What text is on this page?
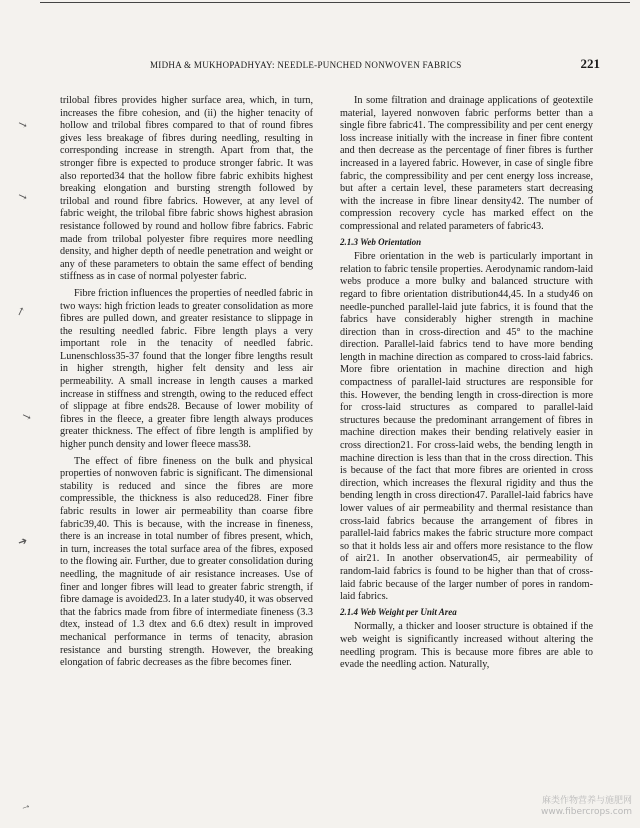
MIDHA & MUKHOPADHYAY: NEEDLE-PUNCHED NONWOVEN FABRICS	221
↘
↘
↗
↘
➔
→

trilobal fibres provides higher surface area, which, in turn, increases the fibre cohesion, and (ii) the higher tenacity of hollow and trilobal fibres compared to that of round fibres gives less breakage of fibres during needling, resulting in corresponding increase in strength. Apart from that, the stronger fibre is expected to produce stronger fabric. It was also reported34 that the hollow fibre fabric exhibits highest breaking elongation and bursting strength followed by trilobal and round fibre fabrics. However, at any level of fabric weight, the trilobal fibre fabric shows highest abrasion resistance followed by round and hollow fibre fabrics. Fabric made from trilobal polyester fibre requires more needling density, and higher depth of needle penetration and weight or any of these parameters to obtain the same effect of bending stiffness as in case of normal polyester fabric.

Fibre friction influences the properties of needled fabric in two ways: high friction leads to greater consolidation as more fibres are pulled down, and greater resistance to slippage in the resulting needled fabric. Fibre length plays a very important role in the tenacity of needled fabric. Lunenschloss35-37 found that the longer fibre lengths result in higher strength, higher felt density and less air permeability. A small increase in length causes a marked increase in stiffness and strength, owing to the reduced effect of slippage at fibre ends28. Because of lower mobility of fibres in the fleece, a greater fibre length always produces greater thickness. The effect of fibre length is amplified by higher punch density and lower fleece mass38.

The effect of fibre fineness on the bulk and physical properties of nonwoven fabric is significant. The dimensional stability is reduced and since the fibres are more compressible, the thickness is also reduced28. Finer fibre fabric results in lower air permeability than coarse fibre fabric39,40. This is because, with the increase in fineness, there is an increase in total number of fibres present, which, in turn, increases the total surface area of the fibres, exposed to the flowing air. Further, due to greater consolidation during needling, the magnitude of air resistance increases. Use of finer and longer fibres will lead to greater fabric strength, if fibre damage is avoided23. In a later study40, it was observed that the fabrics made from fibre of intermediate fineness (3.3 dtex, instead of 1.3 dtex and 6.6 dtex) result in improved mechanical performance in terms of tenacity, abrasion resistance and bursting strength. However, the breaking elongation of fabric decreases as the fibre becomes finer.

In some filtration and drainage applications of geotextile material, layered nonwoven fabric performs better than a single fibre fabric41. The compressibility and per cent energy loss increase initially with the increase in finer fibre content and then decrease as the percentage of finer fibres is further increased in a layered fabric. However, in case of single fibre fabric, the compressibility and per cent energy loss increase, but after a certain level, these parameters start decreasing with the increase in fibre linear density42. The number of compression recovery cycle has marked effect on the compressional and related parameters of fabric43.

2.1.3 Web Orientation

Fibre orientation in the web is particularly important in relation to fabric tensile properties. Aerodynamic random-laid webs produce a more bulky and balanced structure with regard to fibre orientation distribution44,45. In a study46 on needle-punched parallel-laid jute fabrics, it is found that the fabrics have considerably higher strength in machine direction than in cross-direction and 45° to the machine direction. Parallel-laid fabrics tend to have more bending length in machine direction as compared to cross-laid fabrics. More fibre orientation in machine direction and high compactness of parallel-laid structures are responsible for this. However, the bending length in cross-direction is more for cross-laid structures as compared to parallel-laid structures because the predominant arrangement of fibres in machine direction makes their bending relatively easier in cross direction21. For cross-laid webs, the bending length in machine direction is less than that in the cross direction. This is because of the fact that more fibres are oriented in cross direction, which increases the flexural rigidity and thus the bending length in cross direction47. Parallel-laid fabrics have lower values of air permeability and thermal resistance than cross-laid fabrics because the arrangement of fibres in parallel-laid fabrics makes the fabric structure more compact so that it holds less air and offers more resistance to the flow of air21. In another observation45, air permeability of random-laid fabrics is found to be higher than that of cross-laid fabric because of the larger number of pores in random-laid fabrics.

2.1.4 Web Weight per Unit Area

Normally, a thicker and looser structure is obtained if the web weight is significantly increased without altering the needling program. This is because more fibres are able to evade the needling action. Naturally,

麻类作物营养与施肥网
www.fibercrops.com
